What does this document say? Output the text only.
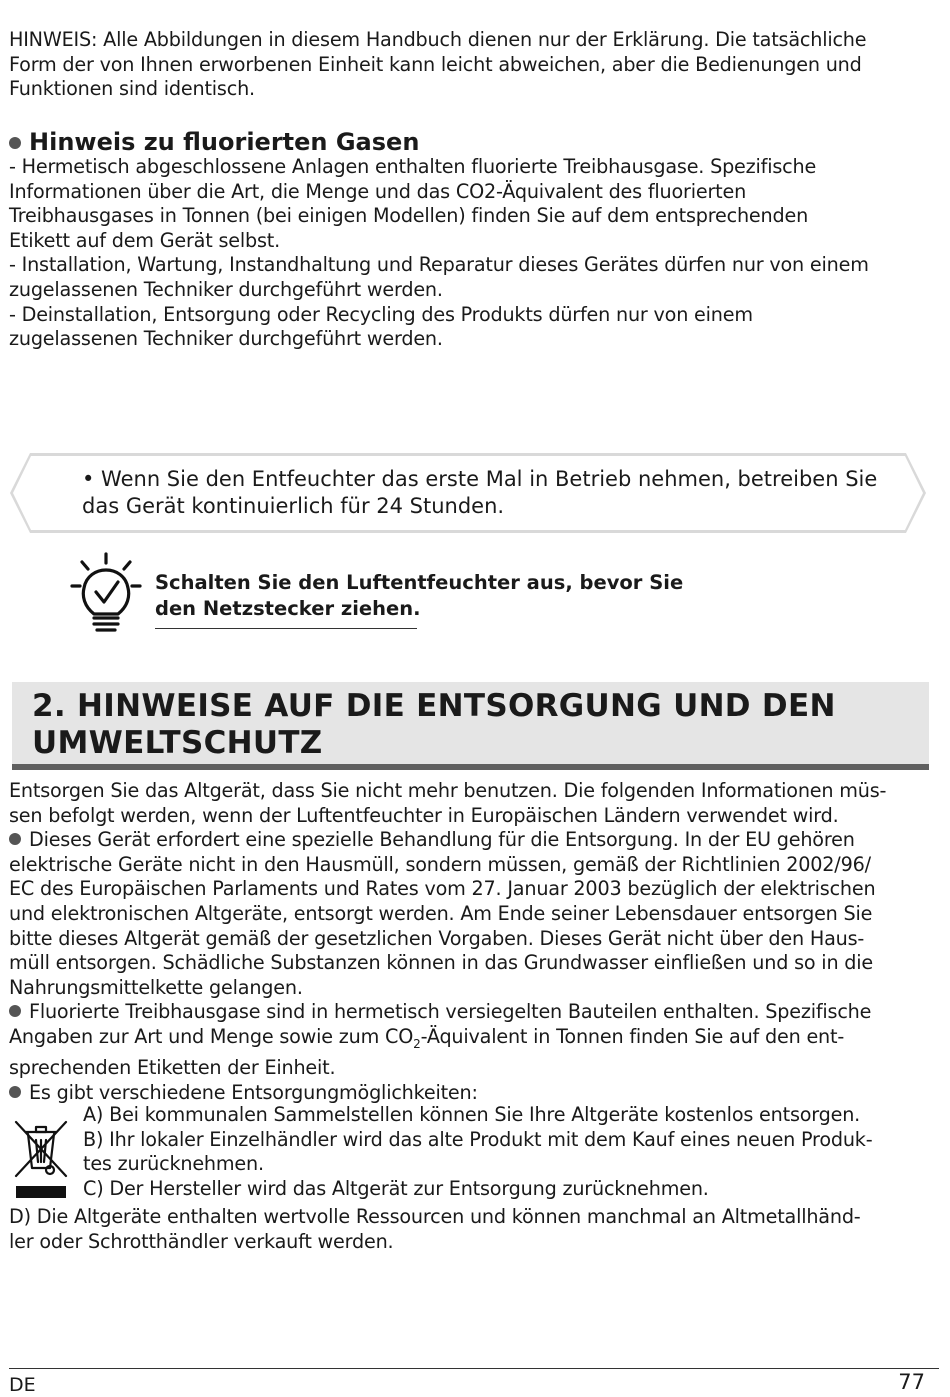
HINWEIS: Alle Abbildungen in diesem Handbuch dienen nur der Erklärung. Die tatsächliche
Form der von Ihnen erworbenen Einheit kann leicht abweichen, aber die Bedienungen und
Funktionen sind identisch.
Hinweis zu fluorierten Gasen
- Hermetisch abgeschlossene Anlagen enthalten fluorierte Treibhausgase. Spezifische
Informationen über die Art, die Menge und das CO2-Äquivalent des fluorierten
Treibhausgases in Tonnen (bei einigen Modellen) finden Sie auf dem entsprechenden
Etikett auf dem Gerät selbst.
- Installation, Wartung, Instandhaltung und Reparatur dieses Gerätes dürfen nur von einem
zugelassenen Techniker durchgeführt werden.
- Deinstallation, Entsorgung oder Recycling des Produkts dürfen nur von einem
zugelassenen Techniker durchgeführt werden.

• Wenn Sie den Entfeuchter das erste Mal in Betrieb nehmen, betreiben Sie
das Gerät kontinuierlich für 24 Stunden.

Schalten Sie den Luftentfeuchter aus, bevor Sie
den Netzstecker ziehen.

2. HINWEISE AUF DIE ENTSORGUNG UND DEN
UMWELTSCHUTZ
Entsorgen Sie das Altgerät, dass Sie nicht mehr benutzen. Die folgenden Informationen müs-
sen befolgt werden, wenn der Luftentfeuchter in Europäischen Ländern verwendet wird.
Dieses Gerät erfordert eine spezielle Behandlung für die Entsorgung. In der EU gehören
elektrische Geräte nicht in den Hausmüll, sondern müssen, gemäß der Richtlinien 2002/96/
EC des Europäischen Parlaments und Rates vom 27. Januar 2003 bezüglich der elektrischen
und elektronischen Altgeräte, entsorgt werden. Am Ende seiner Lebensdauer entsorgen Sie
bitte dieses Altgerät gemäß der gesetzlichen Vorgaben. Dieses Gerät nicht über den Haus-
müll entsorgen. Schädliche Substanzen können in das Grundwasser einfließen und so in die
Nahrungsmittelkette gelangen.
Fluorierte Treibhausgase sind in hermetisch versiegelten Bauteilen enthalten. Spezifische
Angaben zur Art und Menge sowie zum $CO_2$-Äquivalent in Tonnen finden Sie auf den ent-
sprechenden Etiketten der Einheit.
Es gibt verschiedene Entsorgungmöglichkeiten:
A) Bei kommunalen Sammelstellen können Sie Ihre Altgeräte kostenlos entsorgen.
B) Ihr lokaler Einzelhändler wird das alte Produkt mit dem Kauf eines neuen Produk-
tes zurücknehmen.
C) Der Hersteller wird das Altgerät zur Entsorgung zurücknehmen.
D) Die Altgeräte enthalten wertvolle Ressourcen und können manchmal an Altmetallhänd-
ler oder Schrotthändler verkauft werden.

DE	77
